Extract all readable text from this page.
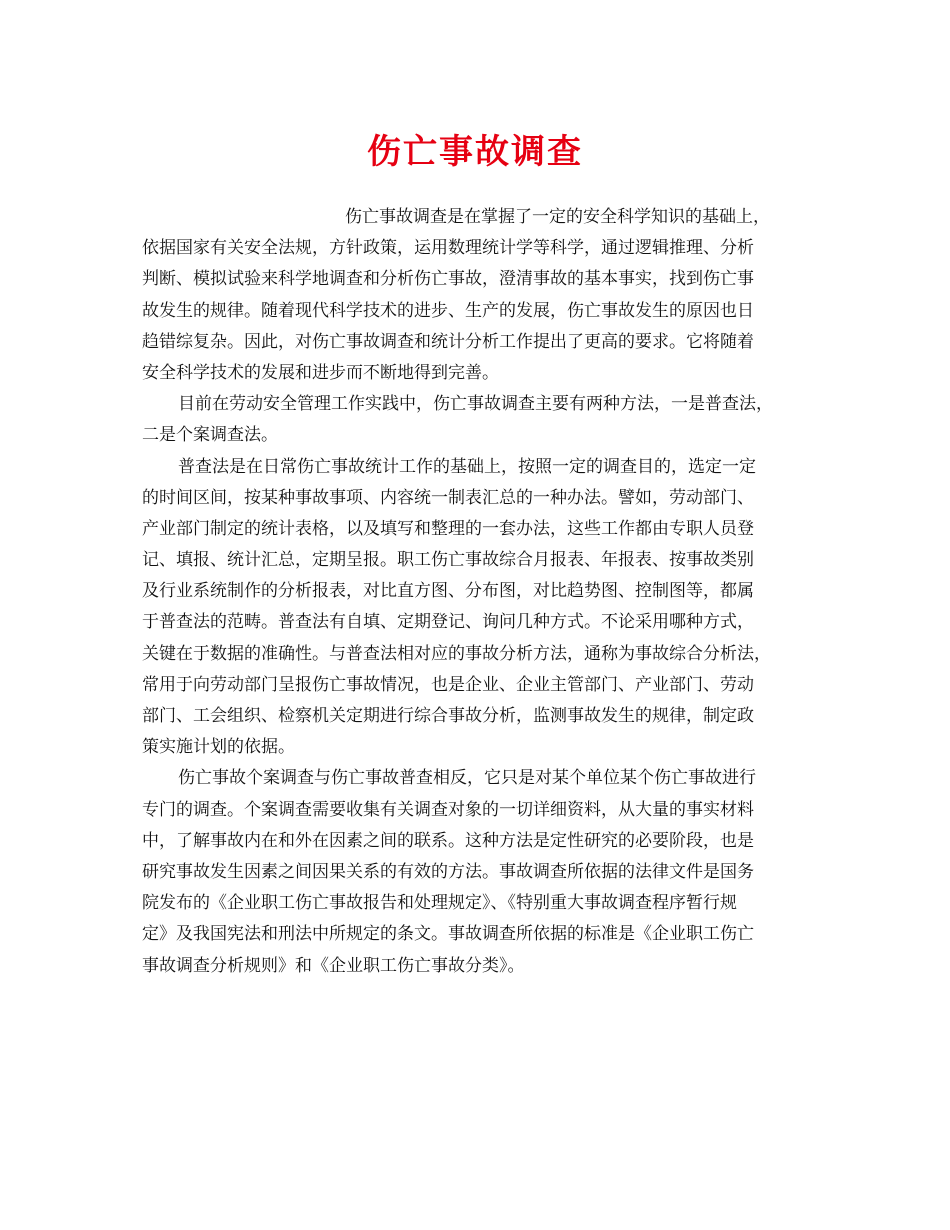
伤亡事故调查
伤亡事故调查是在掌握了一定的安全科学知识的基础上，
依据国家有关安全法规，方针政策，运用数理统计学等科学，通过逻辑推理、分析
判断、模拟试验来科学地调查和分析伤亡事故，澄清事故的基本事实，找到伤亡事
故发生的规律。随着现代科学技术的进步、生产的发展，伤亡事故发生的原因也日
趋错综复杂。因此，对伤亡事故调查和统计分析工作提出了更高的要求。它将随着
安全科学技术的发展和进步而不断地得到完善。
目前在劳动安全管理工作实践中，伤亡事故调查主要有两种方法，一是普查法，
二是个案调查法。
普查法是在日常伤亡事故统计工作的基础上，按照一定的调查目的，选定一定
的时间区间，按某种事故事项、内容统一制表汇总的一种办法。譬如，劳动部门、
产业部门制定的统计表格，以及填写和整理的一套办法，这些工作都由专职人员登
记、填报、统计汇总，定期呈报。职工伤亡事故综合月报表、年报表、按事故类别
及行业系统制作的分析报表，对比直方图、分布图，对比趋势图、控制图等，都属
于普查法的范畴。普查法有自填、定期登记、询问几种方式。不论采用哪种方式，
关键在于数据的准确性。与普查法相对应的事故分析方法，通称为事故综合分析法，
常用于向劳动部门呈报伤亡事故情况，也是企业、企业主管部门、产业部门、劳动
部门、工会组织、检察机关定期进行综合事故分析，监测事故发生的规律，制定政
策实施计划的依据。
伤亡事故个案调查与伤亡事故普查相反，它只是对某个单位某个伤亡事故进行
专门的调查。个案调查需要收集有关调查对象的一切详细资料，从大量的事实材料
中，了解事故内在和外在因素之间的联系。这种方法是定性研究的必要阶段，也是
研究事故发生因素之间因果关系的有效的方法。事故调查所依据的法律文件是国务
院发布的《企业职工伤亡事故报告和处理规定》、《特别重大事故调查程序暂行规
定》及我国宪法和刑法中所规定的条文。事故调查所依据的标准是《企业职工伤亡
事故调查分析规则》和《企业职工伤亡事故分类》。
